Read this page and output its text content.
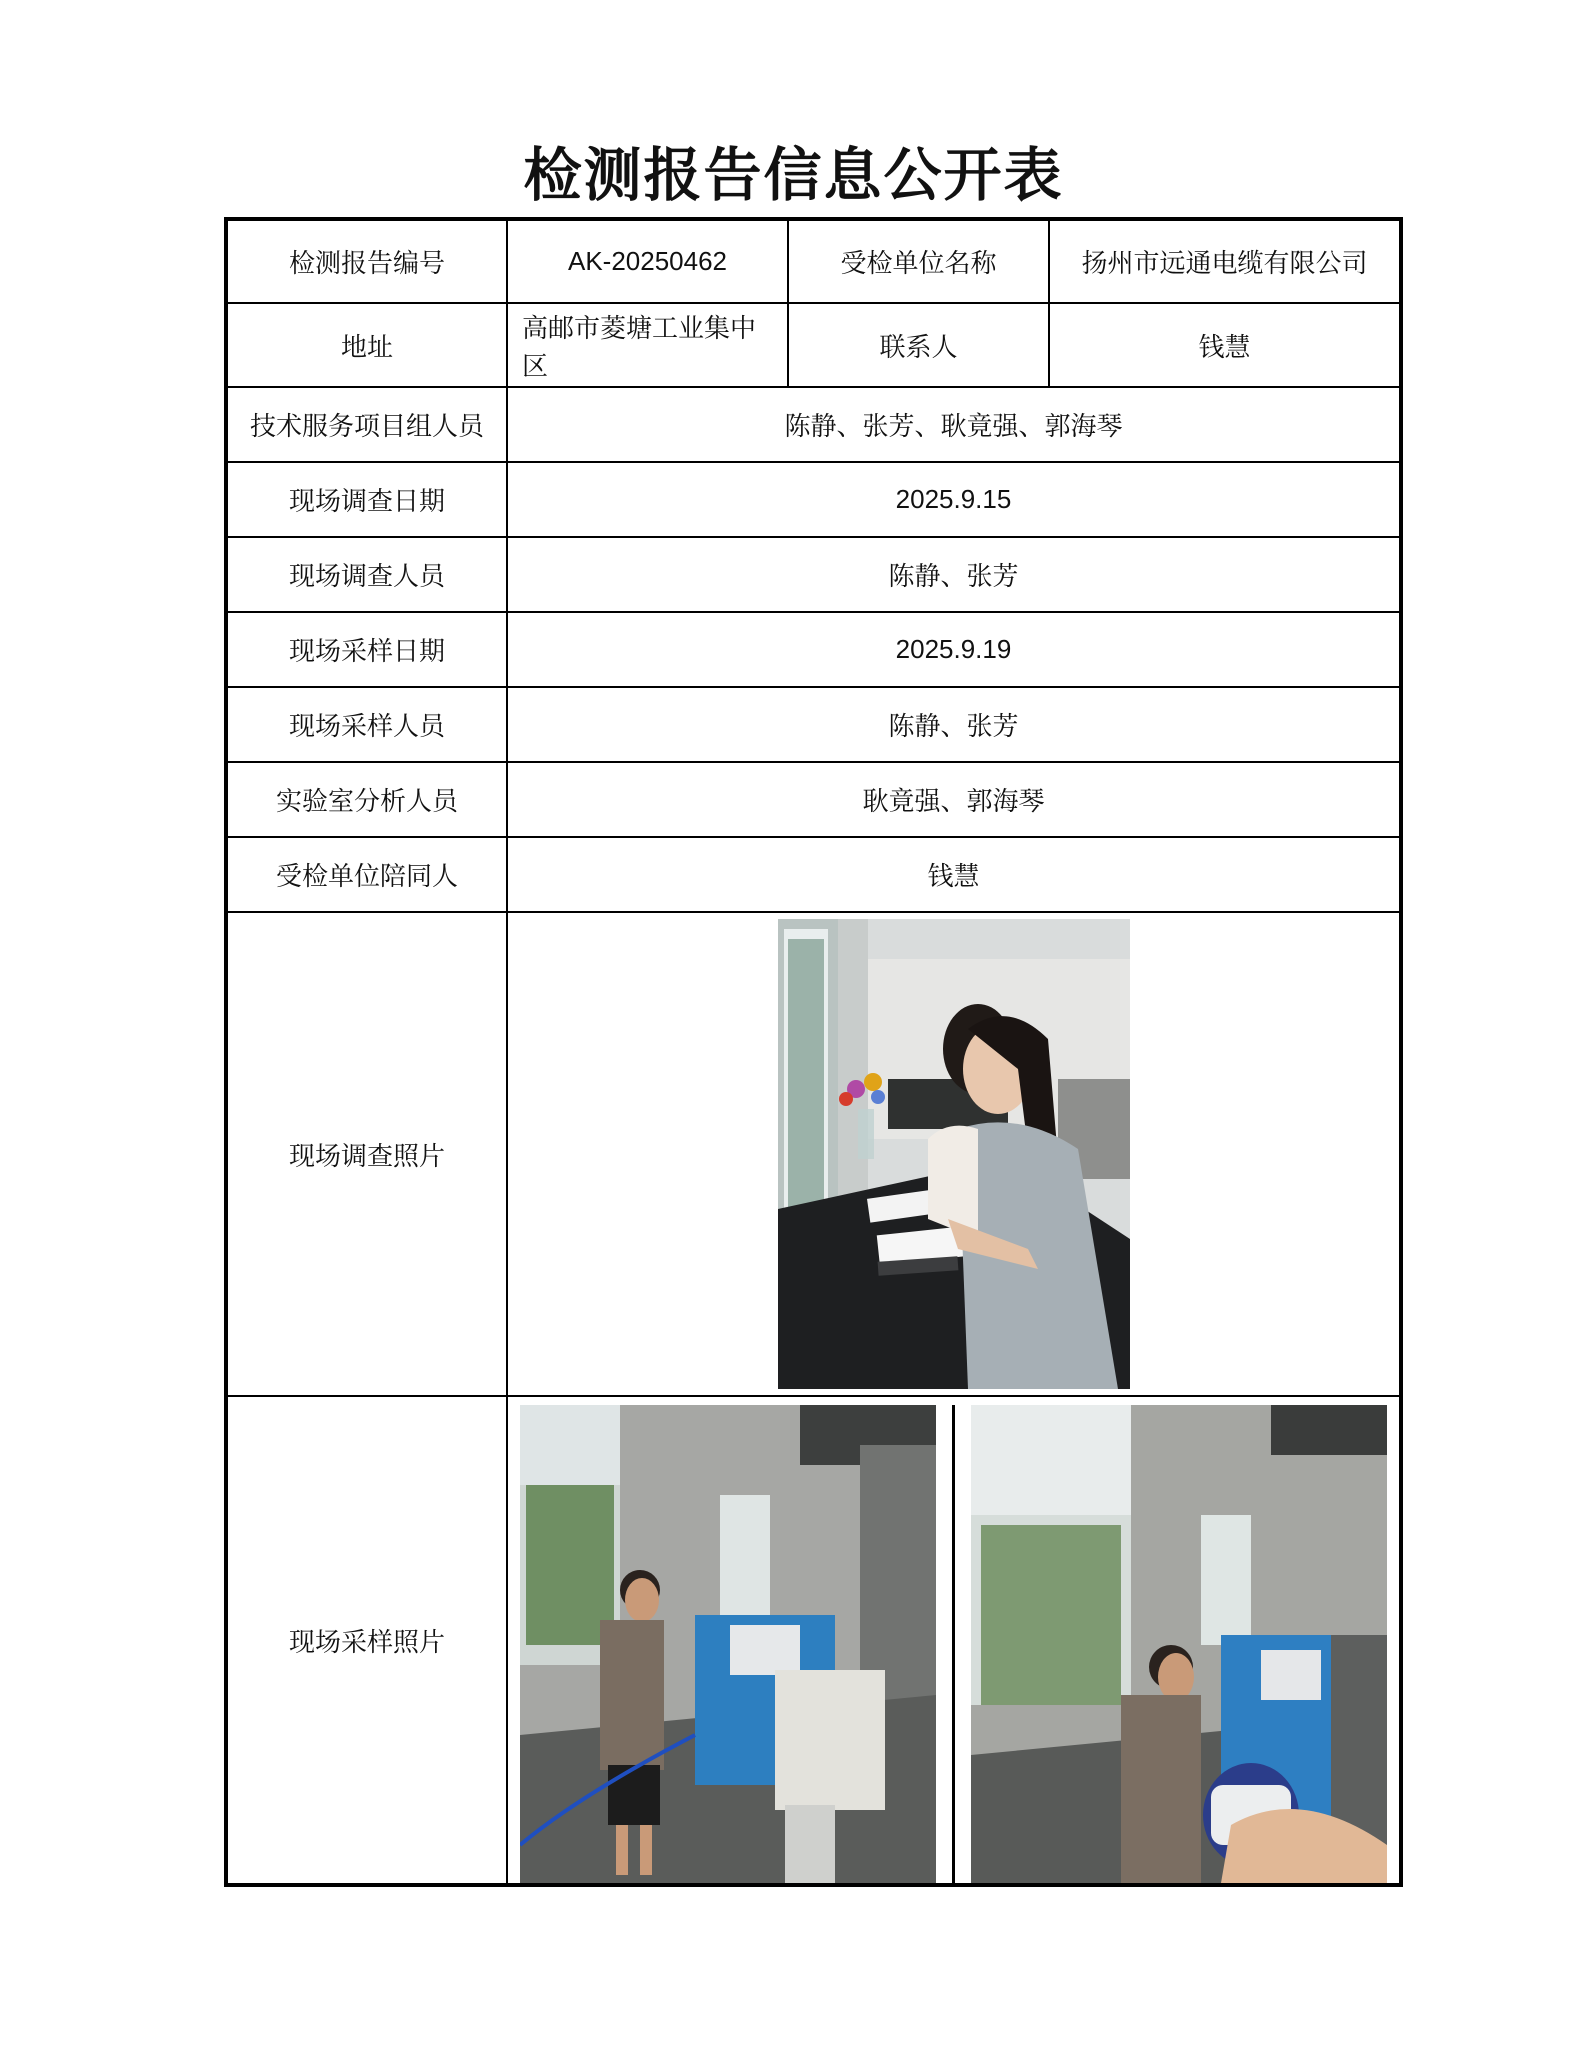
检测报告信息公开表
检测报告编号	AK-20250462	受检单位名称	扬州市远通电缆有限公司
地址	高邮市菱塘工业集中区	联系人	钱慧
技术服务项目组人员	陈静、张芳、耿竟强、郭海琴		
现场调查日期	2025.9.15		
现场调查人员	陈静、张芳		
现场采样日期	2025.9.19		
现场采样人员	陈静、张芳		
实验室分析人员	耿竟强、郭海琴		
受检单位陪同人	钱慧		
现场调查照片	

现场采样照片	
